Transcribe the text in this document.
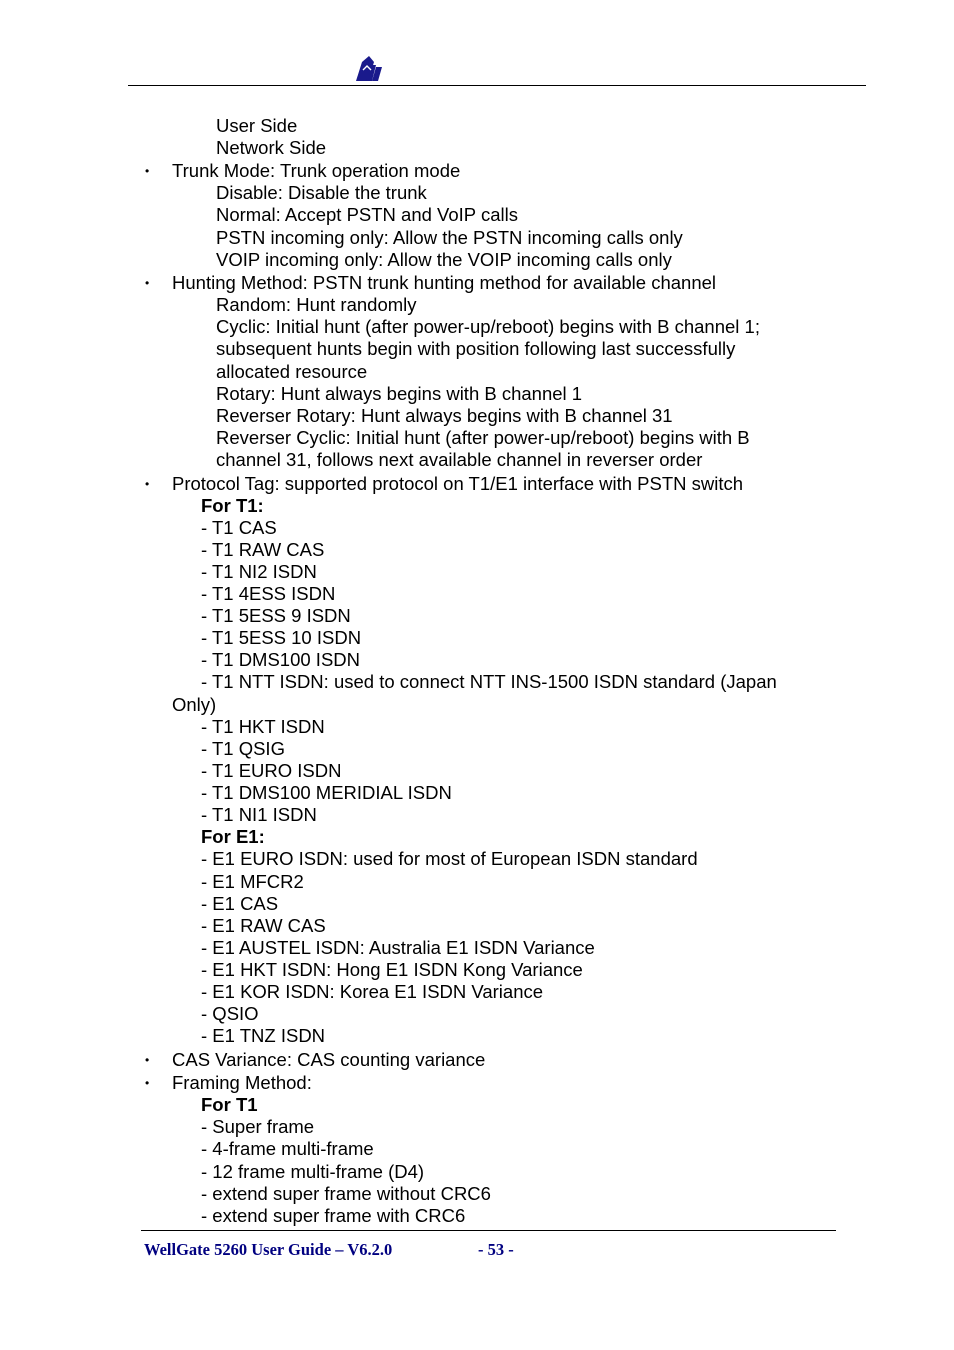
User Side
Network Side
• Trunk Mode: Trunk operation mode
Disable: Disable the trunk
Normal: Accept PSTN and VoIP calls
PSTN incoming only: Allow the PSTN incoming calls only
VOIP incoming only: Allow the VOIP incoming calls only
• Hunting Method: PSTN trunk hunting method for available channel
Random: Hunt randomly
Cyclic: Initial hunt (after power-up/reboot) begins with B channel 1;
subsequent hunts begin with position following last successfully
allocated resource
Rotary: Hunt always begins with B channel 1
Reverser Rotary: Hunt always begins with B channel 31
Reverser Cyclic: Initial hunt (after power-up/reboot) begins with B
channel 31, follows next available channel in reverser order
• Protocol Tag: supported protocol on T1/E1 interface with PSTN switch
For T1:
- T1 CAS
- T1 RAW CAS
- T1 NI2 ISDN
- T1 4ESS ISDN
- T1 5ESS 9 ISDN
- T1 5ESS 10 ISDN
- T1 DMS100 ISDN
- T1 NTT ISDN: used to connect NTT INS-1500 ISDN standard (Japan
Only)
- T1 HKT ISDN
- T1 QSIG
- T1 EURO ISDN
- T1 DMS100 MERIDIAL ISDN
- T1 NI1 ISDN
For E1:
- E1 EURO ISDN: used for most of European ISDN standard
- E1 MFCR2
- E1 CAS
- E1 RAW CAS
- E1 AUSTEL ISDN: Australia E1 ISDN Variance
- E1 HKT ISDN: Hong E1 ISDN Kong Variance
- E1 KOR ISDN: Korea E1 ISDN Variance
- QSIO
- E1 TNZ ISDN
• CAS Variance: CAS counting variance
• Framing Method:
For T1
- Super frame
- 4-frame multi-frame
- 12 frame multi-frame (D4)
- extend super frame without CRC6
- extend super frame with CRC6
WellGate 5260 User Guide – V6.2.0	- 53 -
